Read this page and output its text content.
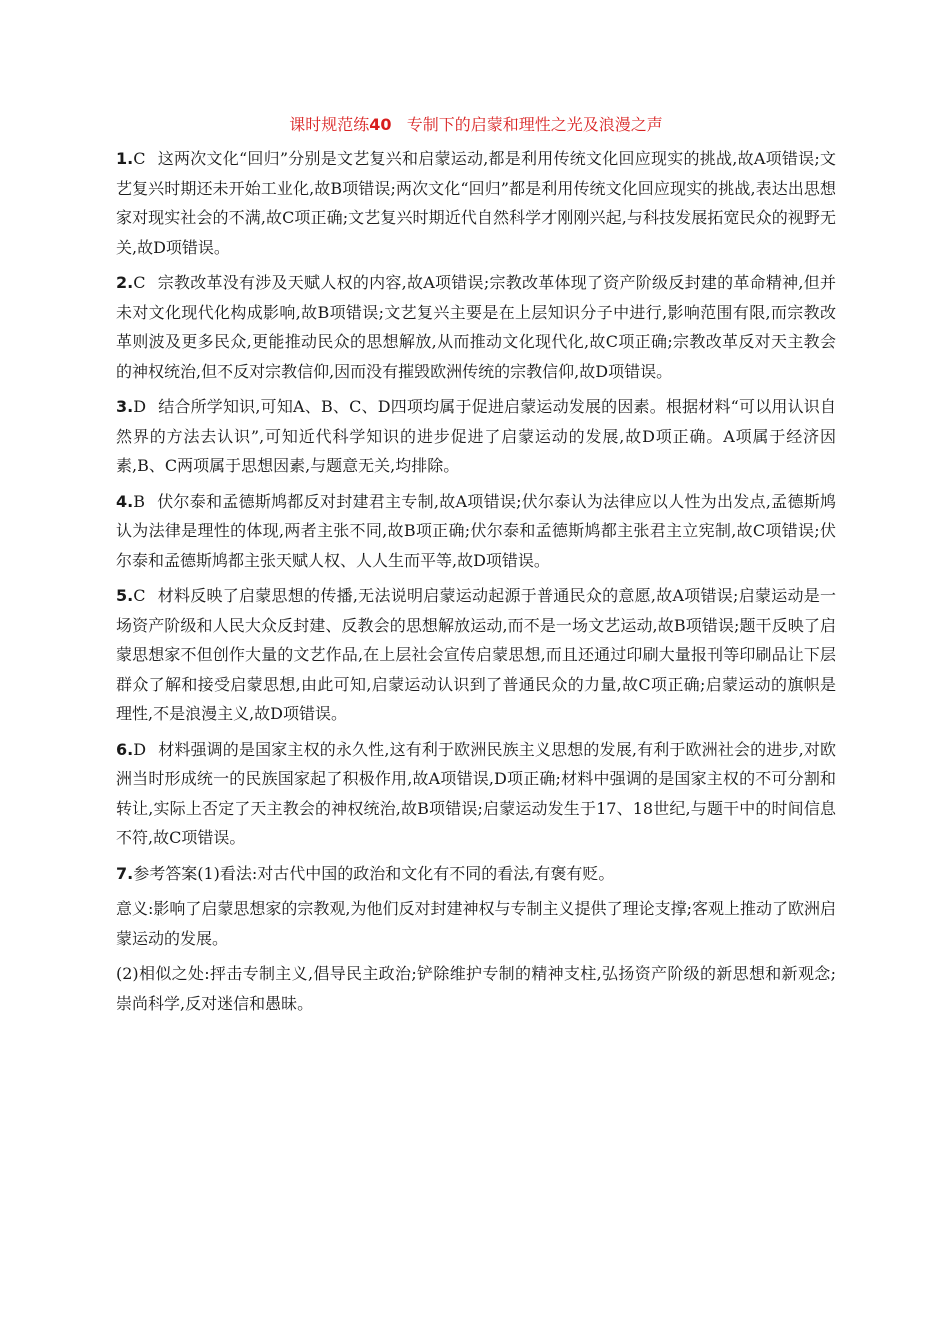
课时规范练40 专制下的启蒙和理性之光及浪漫之声

1.C 这两次文化“回归”分别是文艺复兴和启蒙运动,都是利用传统文化回应现实的挑战,故A项错误;文艺复兴时期还未开始工业化,故B项错误;两次文化“回归”都是利用传统文化回应现实的挑战,表达出思想家对现实社会的不满,故C项正确;文艺复兴时期近代自然科学才刚刚兴起,与科技发展拓宽民众的视野无关,故D项错误。

2.C 宗教改革没有涉及天赋人权的内容,故A项错误;宗教改革体现了资产阶级反封建的革命精神,但并未对文化现代化构成影响,故B项错误;文艺复兴主要是在上层知识分子中进行,影响范围有限,而宗教改革则波及更多民众,更能推动民众的思想解放,从而推动文化现代化,故C项正确;宗教改革反对天主教会的神权统治,但不反对宗教信仰,因而没有摧毁欧洲传统的宗教信仰,故D项错误。

3.D 结合所学知识,可知A、B、C、D四项均属于促进启蒙运动发展的因素。根据材料“可以用认识自然界的方法去认识”,可知近代科学知识的进步促进了启蒙运动的发展,故D项正确。A项属于经济因素,B、C两项属于思想因素,与题意无关,均排除。

4.B 伏尔泰和孟德斯鸠都反对封建君主专制,故A项错误;伏尔泰认为法律应以人性为出发点,孟德斯鸠认为法律是理性的体现,两者主张不同,故B项正确;伏尔泰和孟德斯鸠都主张君主立宪制,故C项错误;伏尔泰和孟德斯鸠都主张天赋人权、人人生而平等,故D项错误。

5.C 材料反映了启蒙思想的传播,无法说明启蒙运动起源于普通民众的意愿,故A项错误;启蒙运动是一场资产阶级和人民大众反封建、反教会的思想解放运动,而不是一场文艺运动,故B项错误;题干反映了启蒙思想家不但创作大量的文艺作品,在上层社会宣传启蒙思想,而且还通过印刷大量报刊等印刷品让下层群众了解和接受启蒙思想,由此可知,启蒙运动认识到了普通民众的力量,故C项正确;启蒙运动的旗帜是理性,不是浪漫主义,故D项错误。

6.D 材料强调的是国家主权的永久性,这有利于欧洲民族主义思想的发展,有利于欧洲社会的进步,对欧洲当时形成统一的民族国家起了积极作用,故A项错误,D项正确;材料中强调的是国家主权的不可分割和转让,实际上否定了天主教会的神权统治,故B项错误;启蒙运动发生于17、18世纪,与题干中的时间信息不符,故C项错误。

7.参考答案(1)看法:对古代中国的政治和文化有不同的看法,有褒有贬。

意义:影响了启蒙思想家的宗教观,为他们反对封建神权与专制主义提供了理论支撑;客观上推动了欧洲启蒙运动的发展。

(2)相似之处:抨击专制主义,倡导民主政治;铲除维护专制的精神支柱,弘扬资产阶级的新思想和新观念;崇尚科学,反对迷信和愚昧。
